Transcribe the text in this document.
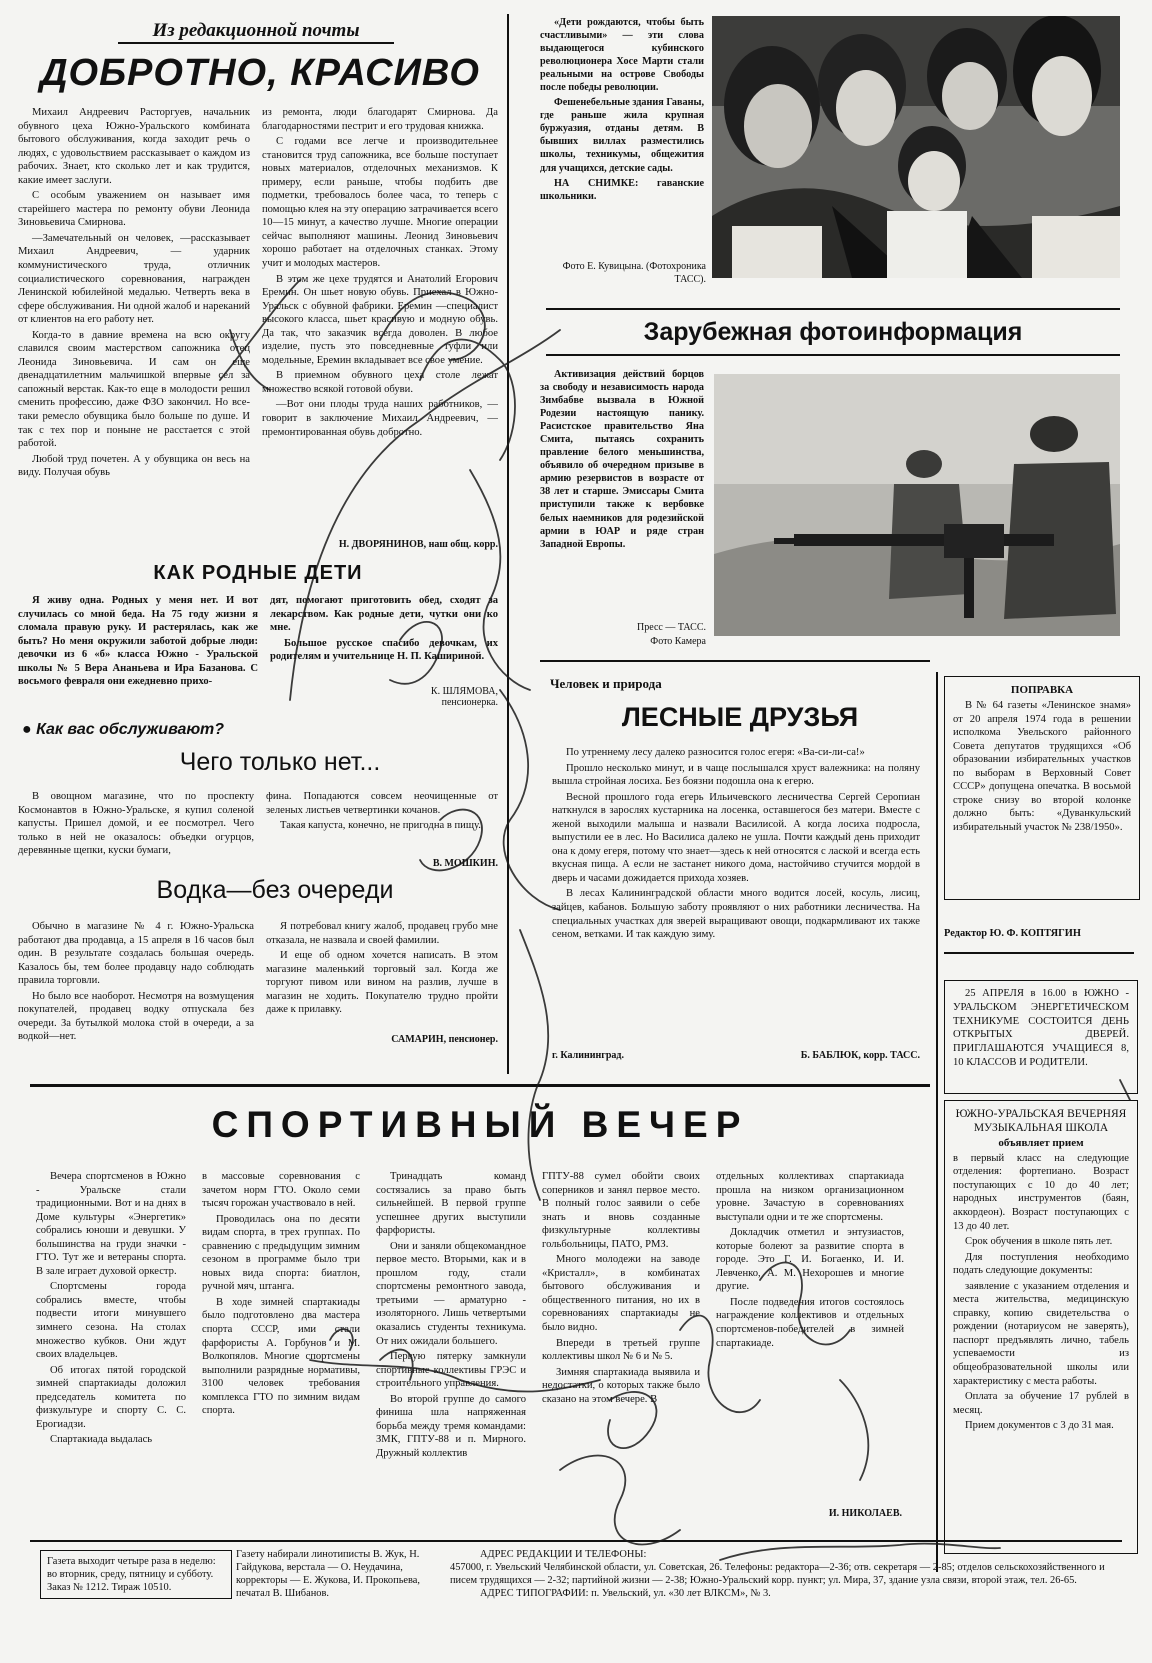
Из редакционной почты
ДОБРОТНО, КРАСИВО

Михаил Андреевич Расторгуев, начальник обувного цеха Южно-Уральского комбината бытового обслуживания, когда заходит речь о людях, с удовольствием рассказывает о каждом из рабочих. Знает, кто сколько лет и как трудится, какие имеет заслуги.

С особым уважением он называет имя старейшего мастера по ремонту обуви Леонида Зиновьевича Смирнова.

—Замечательный он человек, —рассказывает Михаил Андреевич, — ударник коммунистического труда, отличник социалистического соревнования, награжден Ленинской юбилейной медалью. Четверть века в сфере обслуживания. Ни одной жалоб и нареканий от клиентов на его работу нет.

Когда-то в давние времена на всю округу славился своим мастерством сапожника отец Леонида Зиновьевича. И сам он еще двенадцатилетним мальчишкой впервые сел за сапожный верстак. Как-то еще в молодости решил сменить профессию, даже ФЗО закончил. Но все-таки ремесло обувщика было больше по душе. И так с тех пор и поныне не расстается с этой работой.

Любой труд почетен. А у обувщика он весь на виду. Получая обувь

из ремонта, люди благодарят Смирнова. Да благодарностями пестрит и его трудовая книжка.

С годами все легче и производительнее становится труд сапожника, все больше поступает новых материалов, отделочных механизмов. К примеру, если раньше, чтобы подбить две подметки, требовалось более часа, то теперь с помощью клея на эту операцию затрачивается всего 10—15 минут, а качество лучше. Многие операции сейчас выполняют машины. Леонид Зиновьевич хорошо работает на отделочных станках. Этому учит и молодых мастеров.

В этом же цехе трудятся и Анатолий Егорович Еремин. Он шьет новую обувь. Приехал в Южно-Уральск с обувной фабрики. Еремин —специалист высокого класса, шьет красивую и модную обувь. Да так, что заказчик всегда доволен. В любое изделие, пусть это повседневные туфли или модельные, Еремин вкладывает все свое умение.

В приемном обувного цеха столе лежат множество всякой готовой обуви.

—Вот они плоды труда наших работников, — говорит в заключение Михаил Андреевич, — премонтированная обувь добротно.

Н. ДВОРЯНИНОВ, наш общ. корр.
КАК РОДНЫЕ ДЕТИ

Я живу одна. Родных у меня нет. И вот случилась со мной беда. На 75 году жизни я сломала правую руку. И растерялась, как же быть? Но меня окружили заботой добрые люди: девочки из 6 «б» класса Южно - Уральской школы № 5 Вера Ананьева и Ира Базанова. С восьмого февраля они ежедневно прихо-

дят, помогают приготовить обед, сходят за лекарством. Как родные дети, чутки они ко мне.

Большое русское спасибо девочкам, их родителям и учительнице Н. П. Кашириной.

К. ШЛЯМОВА, пенсионерка.
● Как вас обслуживают?
Чего только нет...

В овощном магазине, что по проспекту Космонавтов в Южно-Уральске, я купил соленой капусты. Пришел домой, и ее посмотрел. Чего только в ней не оказалось: объедки огурцов, деревянные щепки, куски бумаги,

фина. Попадаются совсем неочищенные от зеленых листьев четвертинки кочанов.

Такая капуста, конечно, не пригодна в пищу.

В. МОШКИН.
Водка—без очереди

Обычно в магазине № 4 г. Южно-Уральска работают два продавца, а 15 апреля в 16 часов был один. В результате создалась большая очередь. Казалось бы, тем более продавцу надо соблюдать правила торговли.

Но было все наоборот. Несмотря на возмущения покупателей, продавец водку отпускала без очереди. За бутылкой молока стой в очереди, а за водкой—нет.

Я потребовал книгу жалоб, продавец грубо мне отказала, не назвала и своей фамилии.

И еще об одном хочется написать. В этом магазине маленький торговый зал. Когда же торгуют пивом или вином на разлив, лучше в магазин не ходить. Покупателю трудно пройти даже к прилавку.

САМАРИН, пенсионер.

«Дети рождаются, чтобы быть счастливыми» — эти слова выдающегося кубинского революционера Хосе Марти стали реальными на острове Свободы после победы революции.

Фешенебельные здания Гаваны, где раньше жила крупная буржуазия, отданы детям. В бывших виллах разместились школы, техникумы, общежития для учащихся, детские сады.

НА СНИМКЕ: гаванские школьники.

Фото Е. Кувицына. (Фотохроника ТАСС).
Зарубежная фотоинформация

Активизация действий борцов за свободу и независимость народа Зимбабве вызвала в Южной Родезии настоящую панику. Расистское правительство Яна Смита, пытаясь сохранить правление белого меньшинства, объявило об очередном призыве в армию резервистов в возрасте от 38 лет и старше. Эмиссары Смита приступили также к вербовке белых наемников для родезийской армии в ЮАР и ряде стран Западной Европы.

Пресс — ТАСС.
Фото Камера
Человек и природа
ЛЕСНЫЕ ДРУЗЬЯ

По утреннему лесу далеко разносится голос егеря: «Ва-си-ли-са!»

Прошло несколько минут, и в чаще послышался хруст валежника: на поляну вышла стройная лосиха. Без боязни подошла она к егерю.

Весной прошлого года егерь Ильичевского лесничества Сергей Серопиан наткнулся в зарослях кустарника на лосенка, оставшегося без матери. Вместе с женой выходили малыша и назвали Василисой. А когда лосиха подросла, выпустили ее в лес. Но Василиса далеко не ушла. Почти каждый день приходит она к дому егеря, потому что знает—здесь к ней относятся с лаской и всегда есть вкусная пища. А если не застанет никого дома, настойчиво стучится мордой в дверь и часами дожидается прихода хозяев.

В лесах Калининградской области много водится лосей, косуль, лисиц, зайцев, кабанов. Большую заботу проявляют о них работники лесничества. На специальных участках для зверей выращивают овощи, подкармливают их также сеном, ветками. И так каждую зиму.

г. Калининград.	Б. БАБЛЮК, корр. ТАСС.
ПОПРАВКА

В № 64 газеты «Ленинское знамя» от 20 апреля 1974 года в решении исполкома Увельского районного Совета депутатов трудящихся «Об образовании избирательных участков по выборам в Верховный Совет СССР» допущена опечатка. В восьмой строке снизу во второй колонке должно быть: «Дуванкульский избирательный участок № 238/1950».

Редактор Ю. Ф. КОПТЯГИН

25 АПРЕЛЯ в 16.00 в ЮЖНО - УРАЛЬСКОМ ЭНЕРГЕТИЧЕСКОМ ТЕХНИКУМЕ СОСТОИТСЯ ДЕНЬ ОТКРЫТЫХ ДВЕРЕЙ. ПРИГЛАШАЮТСЯ УЧАЩИЕСЯ 8, 10 КЛАССОВ И РОДИТЕЛИ.

ЮЖНО-УРАЛЬСКАЯ ВЕЧЕРНЯЯ МУЗЫКАЛЬНАЯ ШКОЛА
объявляет прием

в первый класс на следующие отделения: фортепиано. Возраст поступающих с 10 до 40 лет; народных инструментов (баян, аккордеон). Возраст поступающих с 13 до 40 лет.

Срок обучения в школе пять лет.

Для поступления необходимо подать следующие документы:

заявление с указанием отделения и места жительства, медицинскую справку, копию свидетельства о рождении (нотариусом не заверять), паспорт предъявлять лично, табель успеваемости из общеобразовательной школы или характеристику с места работы.

Оплата за обучение 17 рублей в месяц.

Прием документов с 3 до 31 мая.

СПОРТИВНЫЙ ВЕЧЕР

Вечера спортсменов в Южно - Уральске стали традиционными. Вот и на днях в Доме культуры «Энергетик» собрались юноши и девушки. У большинства на груди значки - ГТО. Тут же и ветераны спорта. В зале играет духовой оркестр.

Спортсмены города собрались вместе, чтобы подвести итоги минувшего зимнего сезона. На столах множество кубков. Они ждут своих владельцев.

Об итогах пятой городской зимней спартакиады доложил председатель комитета по физкультуре и спорту С. С. Ерогиадзи.

Спартакиада выдалась

в массовые соревнования с зачетом норм ГТО. Около семи тысяч горожан участвовало в ней.

Проводилась она по десяти видам спорта, в трех группах. По сравнению с предыдущим зимним сезоном в программе было три новых вида спорта: биатлон, ручной мяч, штанга.

В ходе зимней спартакиады было подготовлено два мастера спорта СССР, ими стали фарфористы А. Горбунов и М. Волкопялов. Многие спортсмены выполнили разрядные нормативы, 3100 человек требования комплекса ГТО по зимним видам спорта.

Тринадцать команд состязались за право быть сильнейшей. В первой группе успешнее других выступили фарфористы.

Они и заняли общекомандное первое место. Вторыми, как и в прошлом году, стали спортсмены ремонтного завода, третьими — арматурно - изоляторного. Лишь четвертыми оказались студенты техникума. От них ожидали большего.

Первую пятерку замкнули спортивные коллективы ГРЭС и строительного управления.

Во второй группе до самого финиша шла напряженная борьба между тремя командами: ЗМК, ГПТУ-88 и п. Мирного. Дружный коллектив

ГПТУ-88 сумел обойти своих соперников и занял первое место. В полный голос заявили о себе знать и вновь созданные физкультурные коллективы гольбольницы, ПАТО, РМЗ.

Много молодежи на заводе «Кристалл», в комбинатах бытового обслуживания и общественного питания, но их в соревнованиях спартакиады не было видно.

Впереди в третьей группе коллективы школ № 6 и № 5.

Зимняя спартакиада выявила и недостатки, о которых также было сказано на этом вечере. В

отдельных коллективах спартакиада прошла на низком организационном уровне. Зачастую в соревнованиях выступали одни и те же спортсмены.

Докладчик отметил и энтузиастов, которые болеют за развитие спорта в городе. Это Г. И. Богаенко, И. И. Левченко, А. М. Нехорошев и многие другие.

После подведения итогов состоялось награждение коллективов и отдельных спортсменов-победителей в зимней спартакиаде.

И. НИКОЛАЕВ.
Газета выходит четыре раза в неделю: во вторник, среду, пятницу и субботу. Заказ № 1212. Тираж 10510.
Газету набирали линотиписты В. Жук, Н. Гайдукова, верстала — О. Неудачина, корректоры — Е. Жукова, И. Прокопьева, печатал В. Шибанов.
АДРЕС РЕДАКЦИИ И ТЕЛЕФОНЫ:
457000, г. Увельский Челябинской области, ул. Советская, 26. Телефоны: редактора—2-36; отв. секретаря — 2-85; отделов сельскохозяйственного и писем трудящихся — 2-32; партийной жизни — 2-38; Южно-Уральский корр. пункт; ул. Мира, 37, здание узла связи, второй этаж, тел. 26-65.
АДРЕС ТИПОГРАФИИ: п. Увельский, ул. «30 лет ВЛКСМ», № 3.
